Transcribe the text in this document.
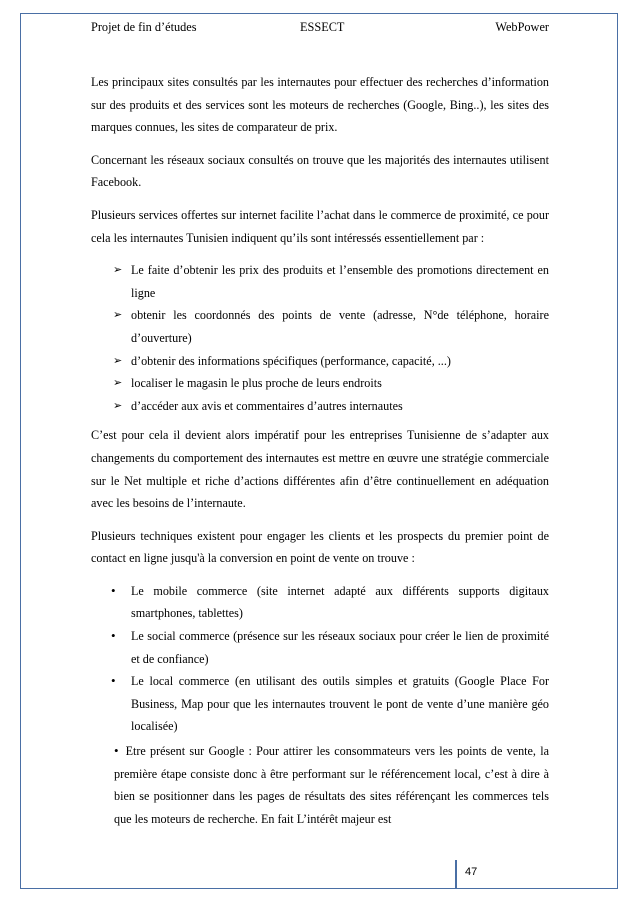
Projet de fin d’études	ESSECT	WebPower

Les principaux sites consultés par les internautes pour effectuer des recherches d’information sur des produits et des services sont les moteurs de recherches (Google, Bing..), les sites des marques connues, les sites de comparateur de prix.

Concernant les réseaux sociaux consultés on trouve que les majorités des internautes utilisent Facebook.

Plusieurs services offertes sur internet facilite l’achat dans le commerce de proximité, ce pour cela les internautes Tunisien indiquent qu’ils sont intéressés essentiellement par :

➢ Le faite d’obtenir les prix des produits et l’ensemble des promotions directement en ligne
➢ obtenir les coordonnés des points de vente (adresse, N°de téléphone, horaire d’ouverture)
➢ d’obtenir des informations spécifiques (performance, capacité, ...)
➢ localiser le magasin le plus proche de leurs endroits
➢ d’accéder aux avis et commentaires d’autres internautes

C’est pour cela il devient alors impératif pour les entreprises Tunisienne de s’adapter aux changements du comportement des internautes est mettre en œuvre une stratégie commerciale sur le Net multiple et riche d’actions différentes afin d’être continuellement en adéquation avec les besoins de l’internaute.

Plusieurs techniques existent pour engager les clients et les prospects du premier point de contact en ligne jusqu'à la conversion en point de vente on trouve :

• Le mobile commerce (site internet adapté aux différents supports digitaux smartphones, tablettes)
• Le social commerce (présence sur les réseaux sociaux pour créer le lien de proximité et de confiance)
• Le local commerce (en utilisant des outils simples et gratuits (Google Place For Business, Map pour que les internautes trouvent le pont de vente d’une manière géo localisée)
• Etre présent sur Google : Pour attirer les consommateurs vers les points de vente, la première étape consiste donc à être performant sur le référencement local, c’est à dire à bien se positionner dans les pages de résultats des sites référençant les commerces tels que les moteurs de recherche. En fait L’intérêt majeur est
47
